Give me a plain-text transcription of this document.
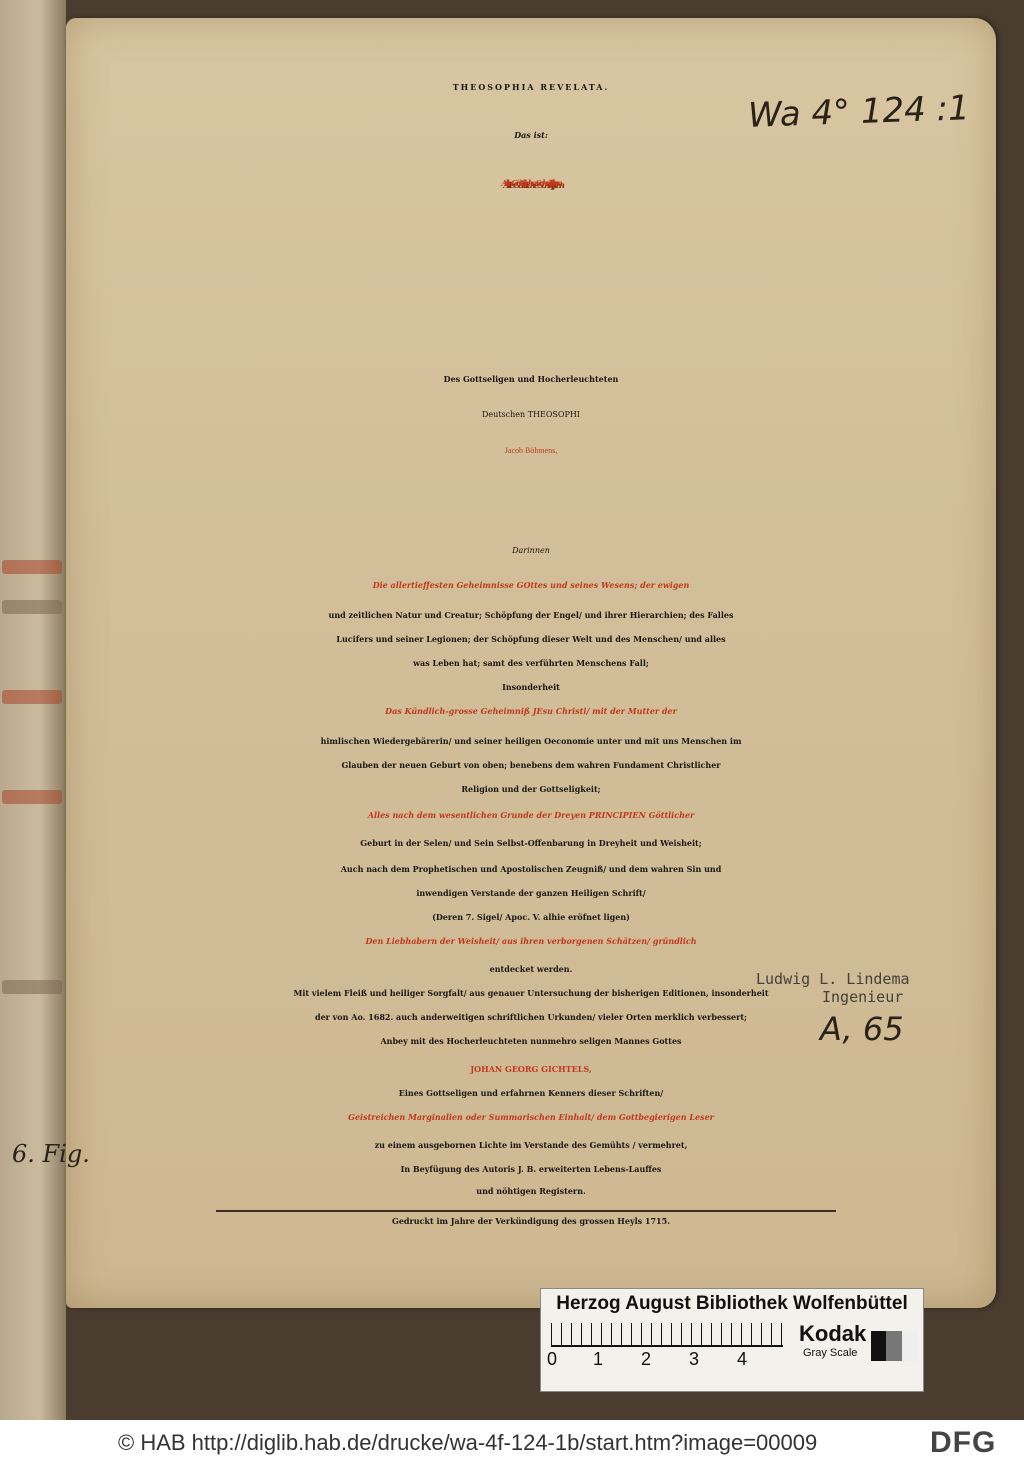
THEOSOPHIA REVELATA.
Das ist:
Alle Göttliche Schrifften
Des Gottseligen und Hocherleuchteten
Deutschen THEOSOPHI
Jacob Böhmens,
Darinnen
Die allertieffesten Geheimnisse GOttes und seines Wesens; der ewigen
und zeitlichen Natur und Creatur; Schöpfung der Engel/ und ihrer Hierarchien; des Falles
Lucifers und seiner Legionen; der Schöpfung dieser Welt und des Menschen/ und alles
was Leben hat; samt des verführten Menschens Fall;
Insonderheit
Das Kündlich-grosse Geheimniß JEsu Christi/ mit der Mutter der
himlischen Wiedergebärerin/ und seiner heiligen Oeconomie unter und mit uns Menschen im
Glauben der neuen Geburt von oben; benebens dem wahren Fundament Christlicher
Religion und der Gottseligkeit;
Alles nach dem wesentlichen Grunde der Dreyen PRINCIPIEN Göttlicher
Geburt in der Selen/ und Sein Selbst-Offenbarung in Dreyheit und Weisheit;
Auch nach dem Prophetischen und Apostolischen Zeugniß/ und dem wahren Sin und
inwendigen Verstande der ganzen Heiligen Schrift/
(Deren 7. Sigel/ Apoc. V. alhie eröfnet ligen)
Den Liebhabern der Weisheit/ aus ihren verborgenen Schätzen/ gründlich
entdecket werden.
Mit vielem Fleiß und heiliger Sorgfalt/ aus genauer Untersuchung der bisherigen Editionen, insonderheit
der von Ao. 1682. auch anderweitigen schriftlichen Urkunden/ vieler Orten merklich verbessert;
Anbey mit des Hocherleuchteten nunmehro seligen Mannes Gottes
JOHAN GEORG GICHTELS,
Eines Gottseligen und erfahrnen Kenners dieser Schriften/
Geistreichen Marginalien oder Summarischen Einhalt/ dem Gottbegierigen Leser
zu einem ausgebornen Lichte im Verstande des Gemühts / vermehret,
In Beyfügung des Autoris J. B. erweiterten Lebens-Lauffes
und nöhtigen Registern.
Gedruckt im Jahre der Verkündigung des grossen Heyls 1715.
Wa 4° 124 :1
Ludwig L. Lindema
Ingenieur
A, 65
6. Fig.
Herzog August Bibliothek Wolfenbüttel
0 1 2 3 4
Kodak
Gray Scale
© HAB http://diglib.hab.de/drucke/wa-4f-124-1b/start.htm?image=00009	DFG
